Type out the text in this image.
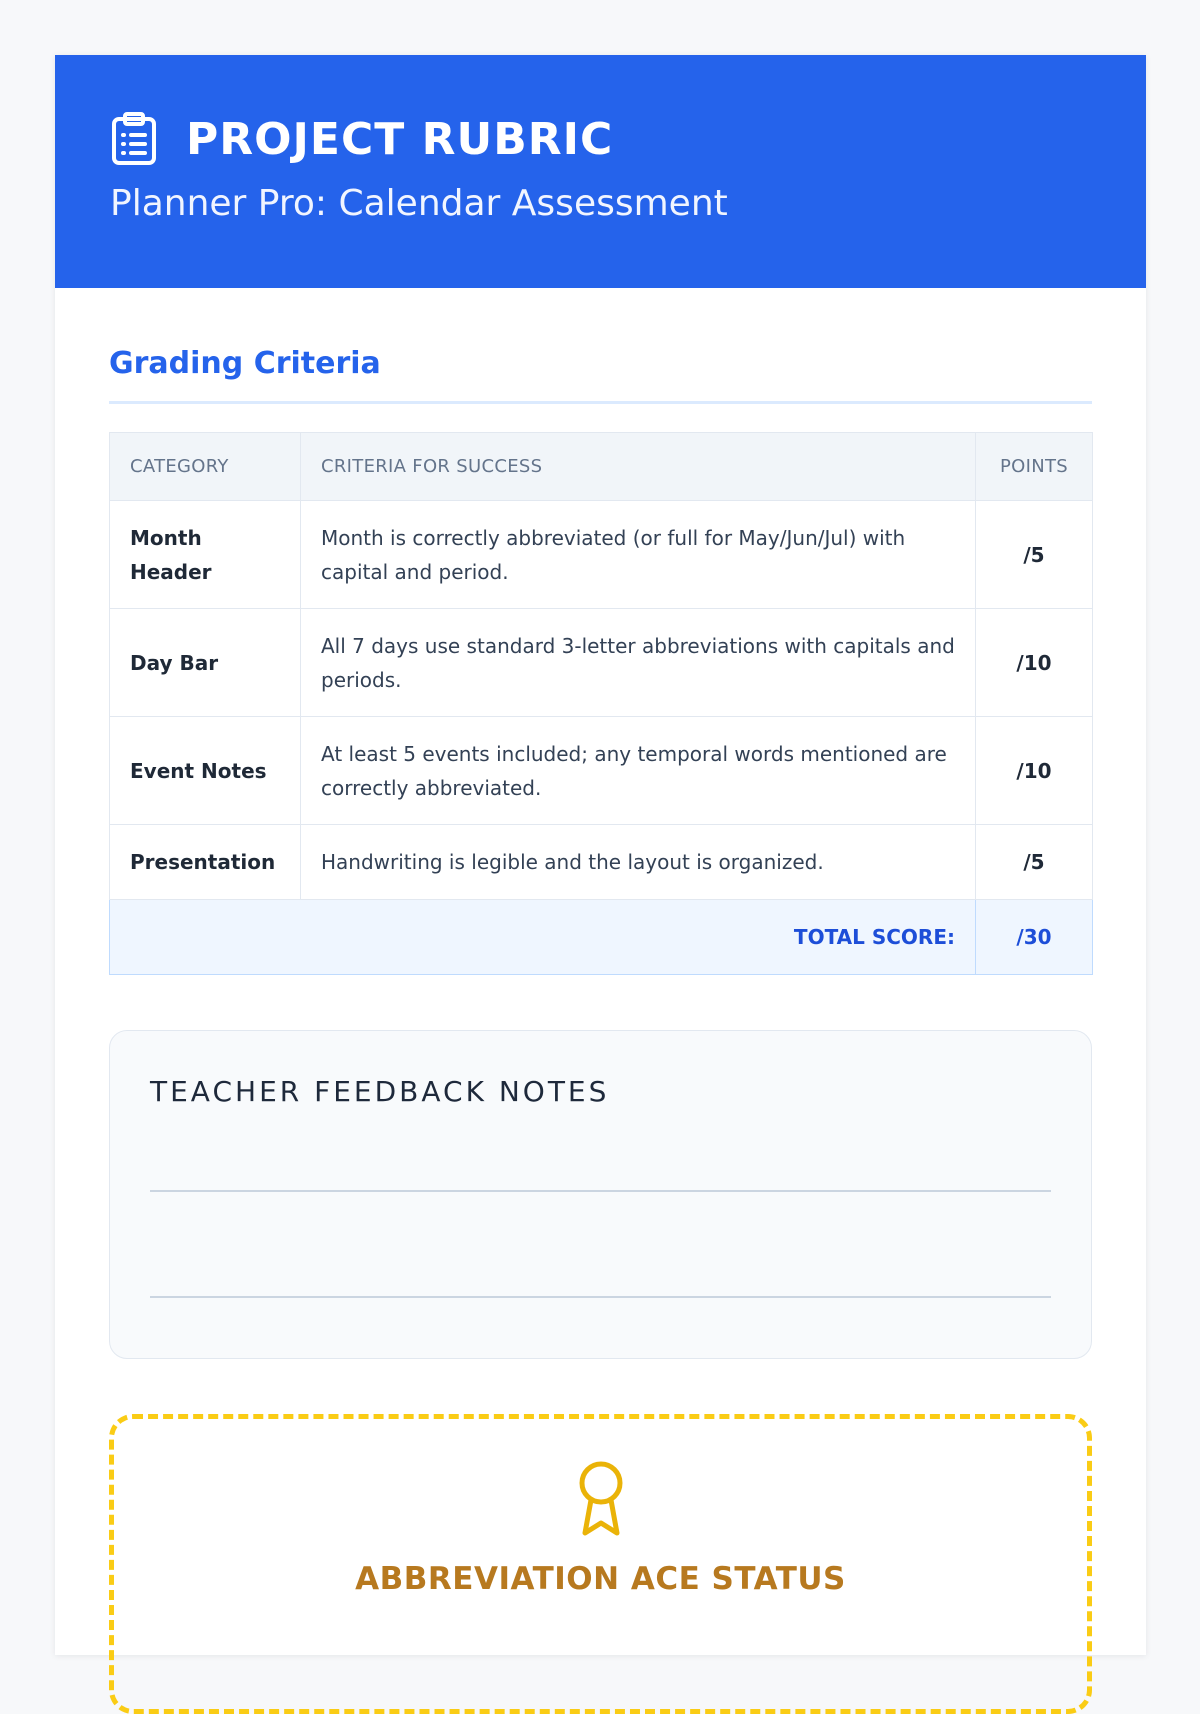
PROJECT RUBRIC
Planner Pro: Calendar Assessment
Grading Criteria
CATEGORY	CRITERIA FOR SUCCESS	POINTS
Month Header	Month is correctly abbreviated (or full for May/Jun/Jul) with capital and period.	/5
Day Bar	All 7 days use standard 3-letter abbreviations with capitals and periods.	/10
Event Notes	At least 5 events included; any temporal words mentioned are correctly abbreviated.	/10
Presentation	Handwriting is legible and the layout is organized.	/5
TOTAL SCORE:		/30
TEACHER FEEDBACK NOTES
ABBREVIATION ACE STATUS
